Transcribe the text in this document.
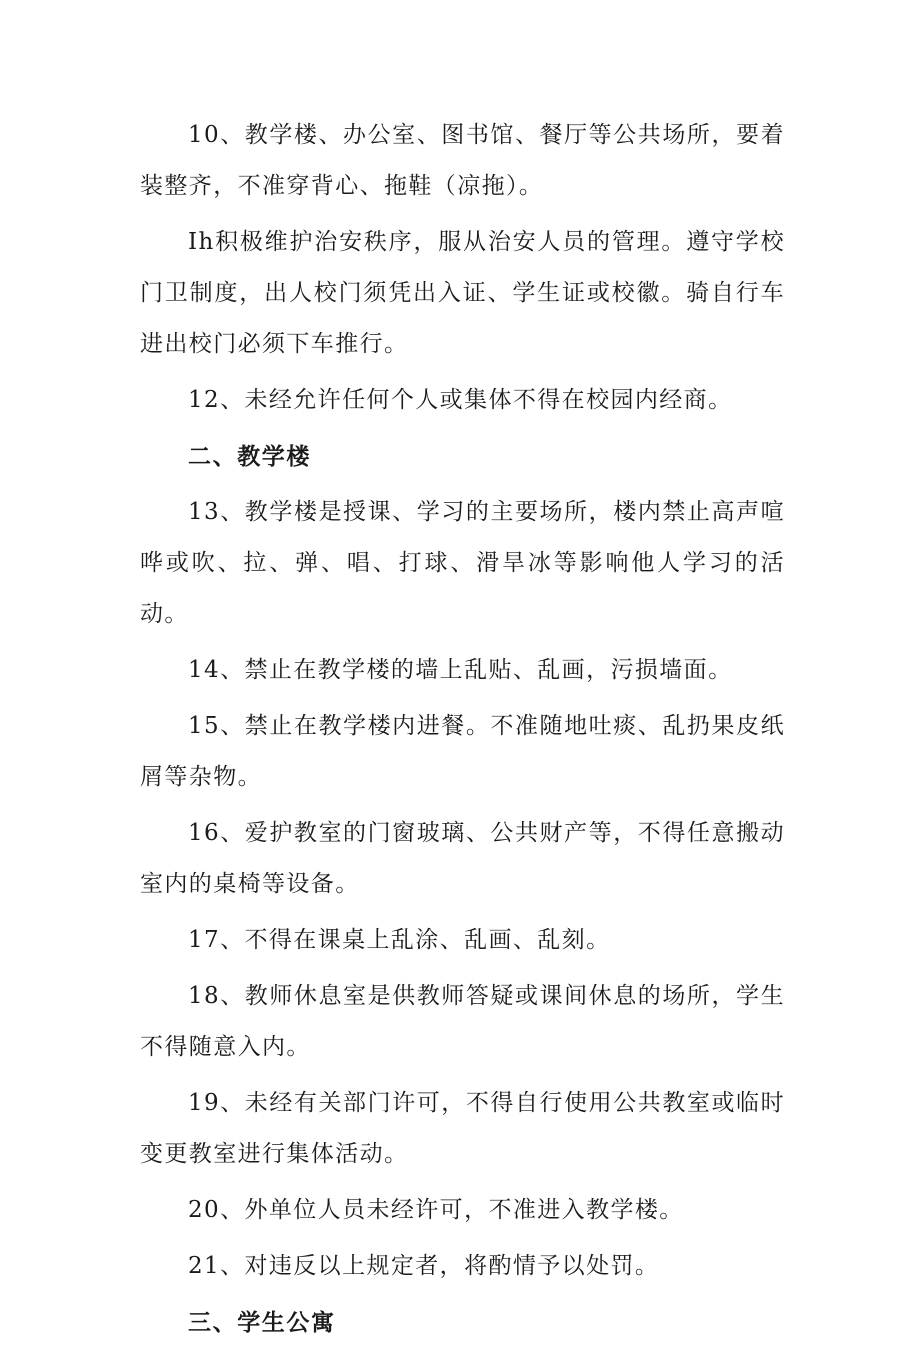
10、教学楼、办公室、图书馆、餐厅等公共场所，要着装整齐，不准穿背心、拖鞋（凉拖）。

Ih积极维护治安秩序，服从治安人员的管理。遵守学校门卫制度，出人校门须凭出入证、学生证或校徽。骑自行车进出校门必须下车推行。

12、未经允许任何个人或集体不得在校园内经商。

二、教学楼

13、教学楼是授课、学习的主要场所，楼内禁止高声喧哗或吹、拉、弹、唱、打球、滑旱冰等影响他人学习的活动。

14、禁止在教学楼的墙上乱贴、乱画，污损墙面。

15、禁止在教学楼内进餐。不准随地吐痰、乱扔果皮纸屑等杂物。

16、爱护教室的门窗玻璃、公共财产等，不得任意搬动室内的桌椅等设备。

17、不得在课桌上乱涂、乱画、乱刻。

18、教师休息室是供教师答疑或课间休息的场所，学生不得随意入内。

19、未经有关部门许可，不得自行使用公共教室或临时变更教室进行集体活动。

20、外单位人员未经许可，不准进入教学楼。

21、对违反以上规定者，将酌情予以处罚。

三、学生公寓
